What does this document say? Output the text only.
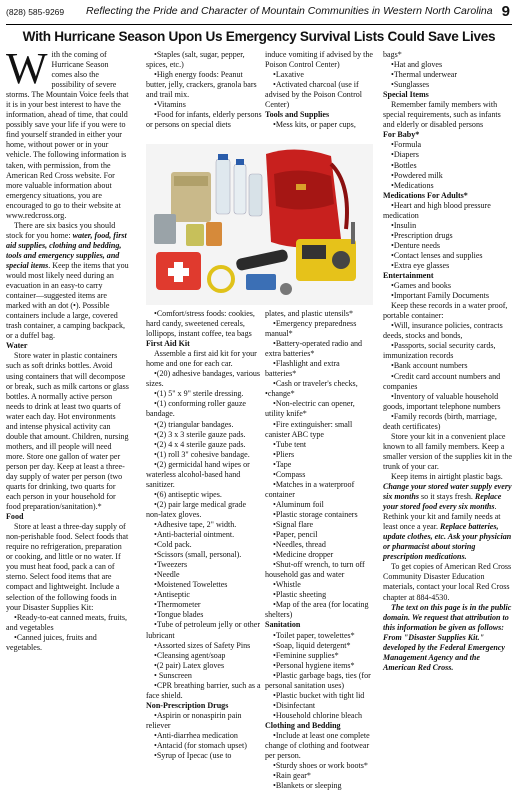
(828) 585-9269 Reflecting the Pride and Character of Mountain Communities in Western North Carolina 9
With Hurricane Season Upon Us Emergency Survival Lists Could Save Lives

With the coming of Hurricane Season comes also the possibility of severe storms. The Mountain Voice feels that it is in your best interest to have the information, ahead of time, that could possibly save your life if you were to find yourself stranded in either your home, without power or in your vehicle. The following information is taken, with permission, from the American Red Cross website. For more valuable information about emergency situations, you are encouraged to go to their website at www.redcross.org.

There are six basics you should stock for you home: water, food, first aid supplies, clothing and bedding, tools and emergency supplies, and special items. Keep the items that you would most likely need during an evacuation in an easy-to carry container—suggested items are marked with an dot (•). Possible containers include a large, covered trash container, a camping backpack, or a duffel bag.

Water

Store water in plastic containers such as soft drinks bottles. Avoid using containers that will decompose or break, such as milk cartons or glass bottles. A normally active person needs to drink at least two quarts of water each day. Hot environments and intense physical activity can double that amount. Children, nursing mothers, and ill people will need more. Store one gallon of water per person per day. Keep at least a three-day supply of water per person (two quarts for drinking, two quarts for each person in your household for food preparation/sanitation).*

Food

Store at least a three-day supply of non-perishable food. Select foods that require no refrigeration, preparation or cooking, and little or no water. If you must heat food, pack a can of sterno. Select food items that are compact and lightweight. Include a selection of the following foods in your Disaster Supplies Kit:

•Ready-to-eat canned meats, fruits, and vegetables

•Canned juices, fruits and vegetables.

•Staples (salt, sugar, pepper, spices, etc.)

•High energy foods: Peanut butter, jelly, crackers, granola bars and trail mix.

•Vitamins

•Food for infants, elderly persons or persons on special diets

induce vomiting if advised by the Poison Control Center)

•Laxative

•Activated charcoal (use if advised by the Poison Control Center)

Tools and Supplies

•Mess kits, or paper cups,

•Comfort/stress foods: cookies, hard candy, sweetened cereals, lollipops, instant coffee, tea bags

First Aid Kit

Assemble a first aid kit for your home and one for each car.

•(20) adhesive bandages, various sizes.

•(1) 5" x 9" sterile dressing.

•(1) conforming roller gauze bandage.

•(2) triangular bandages.

•(2) 3 x 3 sterile gauze pads.

•(2) 4 x 4 sterile gauze pads.

•(1) roll 3" cohesive bandage.

•(2) germicidal hand wipes or waterless alcohol-based hand sanitizer.

•(6) antiseptic wipes.

•(2) pair large medical grade non-latex gloves.

•Adhesive tape, 2" width.

•Anti-bacterial ointment.

•Cold pack.

•Scissors (small, personal).

•Tweezers

•Needle

•Moistened Towelettes

•Antiseptic

•Thermometer

•Tongue blades

•Tube of petroleum jelly or other lubricant

•Assorted sizes of Safety Pins

•Cleansing agent/soap

•(2 pair) Latex gloves

• Sunscreen

•CPR breathing barrier, such as a face shield.

Non-Prescription Drugs

•Aspirin or nonaspirin pain reliever

•Anti-diarrhea medication

•Antacid (for stomach upset)

•Syrup of Ipecac (use to

plates, and plastic utensils*

•Emergency preparedness manual*

•Battery-operated radio and extra batteries*

•Flashlight and extra batteries*

•Cash or traveler's checks, •change*

•Non-electric can opener, utility knife*

•Fire extinguisher: small canister ABC type

•Tube tent

•Pliers

•Tape

•Compass

•Matches in a waterproof container

•Aluminum foil

•Plastic storage containers

•Signal flare

•Paper, pencil

•Needles, thread

•Medicine dropper

•Shut-off wrench, to turn off household gas and water

•Whistle

•Plastic sheeting

•Map of the area (for locating shelters)

Sanitation

•Toilet paper, towelettes*

•Soap, liquid detergent*

•Feminine supplies*

•Personal hygiene items*

•Plastic garbage bags, ties (for personal sanitation uses)

•Plastic bucket with tight lid

•Disinfectant

•Household chlorine bleach

Clothing and Bedding

•Include at least one complete change of clothing and footwear per person.

•Sturdy shoes or work boots*

•Rain gear*

•Blankets or sleeping

bags*

•Hat and gloves

•Thermal underwear

•Sunglasses

Special Items

Remember family members with special requirements, such as infants and elderly or disabled persons

For Baby*

•Formula

•Diapers

•Bottles

•Powdered milk

•Medications

Medications For Adults*

•Heart and high blood pressure medication

•Insulin

•Prescription drugs

•Denture needs

•Contact lenses and supplies

•Extra eye glasses

Entertainment

•Games and books

•Important Family Documents

Keep these records in a water proof, portable container:

•Will, insurance policies, contracts deeds, stocks and bonds,

•Passports, social security cards, immunization records

•Bank account numbers

•Credit card account numbers and companies

•Inventory of valuable household goods, important telephone numbers

•Family records (birth, marriage, death certificates)

Store your kit in a convenient place known to all family members. Keep a smaller version of the supplies kit in the trunk of your car.

Keep items in airtight plastic bags. Change your stored water supply every six months so it stays fresh. Replace your stored food every six months. Rethink your kit and family needs at least once a year. Replace batteries, update clothes, etc. Ask your physician or pharmacist about storing prescription medications.

To get copies of American Red Cross Community Disaster Education materials, contact your local Red Cross chapter at 884-4530.

The text on this page is in the public domain. We request that attribution to this information be given as follows: From "Disaster Supplies Kit." developed by the Federal Emergency Management Agency and the American Red Cross.
